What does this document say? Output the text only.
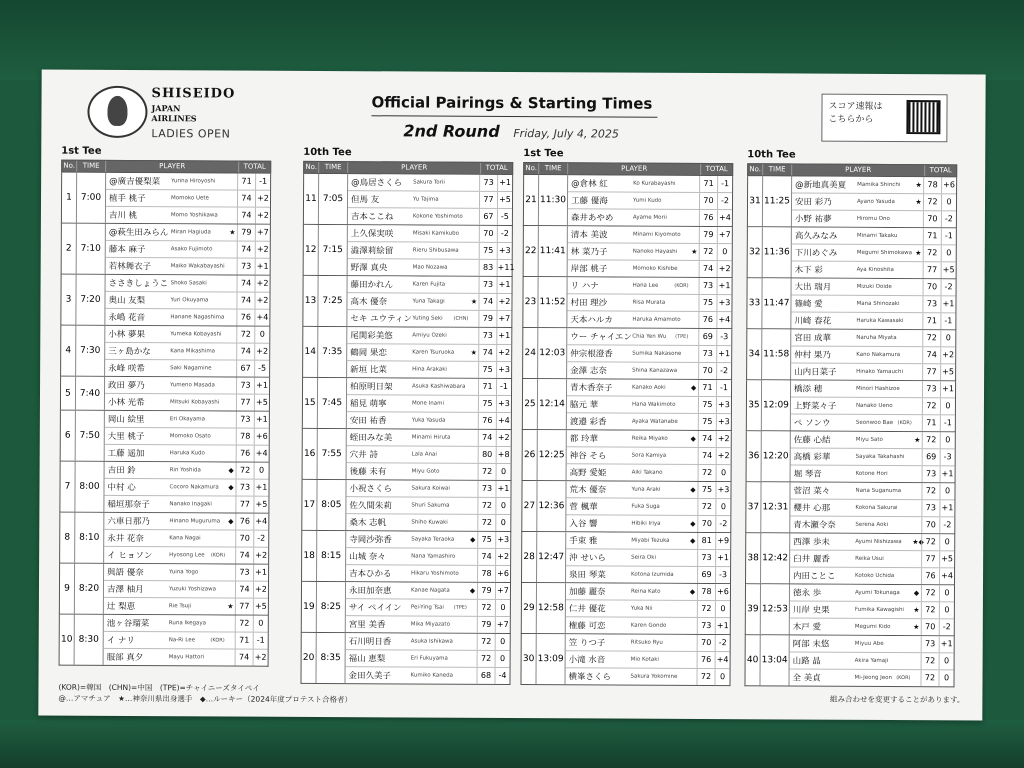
SHISEIDO
JAPAN
AIRLINES
LADIES OPEN
Official Pairings & Starting Times
2nd Round Friday, July 4, 2025
スコア速報は こちらから
1st Tee
No.	TIME	PLAYER	TOTAL
1 7:00
@廣吉優梨菜	Yurina Hiroyoshi	71 -1
植手 桃子	Momoko Uete	74 +2
吉川 桃	Momo Yoshikawa	74 +2
2 7:10
@萩生田みらん Miran Hagiuda	★ 79 +7
藤本 麻子	Asako Fujimoto	74 +2
若林舞衣子	Maiko Wakabayashi	73 +1
3 7:20
ささきしょうこ Shoko Sasaki	74 +2
奥山 友梨	Yuri Okuyama	74 +2
永嶋 花音	Hanane Nagashima	76 +4
4 7:30
小林 夢果	Yumeka Kobayashi	72	0
三ヶ島かな	Kana Mikashima	74 +2
永峰 咲希	Saki Nagamine	67 -5
5 7:40
政田 夢乃	Yumeno Masada	73 +1
小林 光希	Mitsuki Kobayashi	77 +5
6 7:50
岡山 絵里	Eri Okayama	73 +1
大里 桃子	Momoko Osato	78 +6
工藤 遥加	Haruka Kudo	76 +4
7 8:00
吉田 鈴	Rin Yoshida	◆ 72	0
中村 心	Cocoro Nakamura	◆ 73 +1
稲垣那奈子	Nanako Inagaki	77 +5
8 8:10
六車日那乃	Hinano Muguruma	◆ 76 +4
永井 花奈	Kana Nagai	70 -2
イ ヒョソン	Hyosong Lee	(KOR)	74 +2
9 8:20
與語 優奈	Yuina Yogo	73 +1
吉澤 柚月	Yuzuki Yoshizawa	74 +2
辻 梨恵	Rie Tsuji	★ 77 +5
10 8:30
池ヶ谷瑠菜	Runa Ikegaya	72	0
イ ナリ	Na-Ri Lee	(KOR)	71 -1
服部 真夕	Mayu Hattori	74 +2
10th Tee
No.	TIME	PLAYER	TOTAL
11 7:05
@鳥居さくら	Sakura Torii	73 +1
但馬 友	Yu Tajima	77 +5
吉本ここね	Kokone Yoshimoto	67 -5
12 7:15
上久保実咲	Misaki Kamikubo	70 -2
澁澤莉絵留	Rieru Shibusawa	75 +3
野澤 真央	Mao Nozawa	83 +11
13 7:25
藤田かれん	Karen Fujita	73 +1
高木 優奈	Yuna Takagi	★ 74 +2
セキ ユウティン Yuting Seki	(CHN)	79 +7
14 7:35
尾関彩美悠	Amiyu Ozeki	73 +1
鶴岡 果恋	Karen Tsuruoka	★ 74 +2
新垣 比菜	Hina Arakaki	75 +3
15 7:45
柏原明日架	Asuka Kashiwabara	71 -1
稲見 萌寧	Mone Inami	75 +3
安田 祐香	Yuka Yasuda	76 +4
16 7:55
蛭田みな美	Minami Hiruta	74 +2
穴井 詩	Lala Anai	80 +8
後藤 未有	Miyu Goto	72	0
17 8:05
小祝さくら	Sakura Koiwai	73 +1
佐久間朱莉	Shuri Sakuma	72	0
桑木 志帆	Shiho Kuwaki	72	0
18 8:15
寺岡沙弥香	Sayaka Teraoka	◆ 75 +3
山城 奈々	Nana Yamashiro	74 +2
吉本ひかる	Hikaru Yoshimoto	78 +6
19 8:25
永田加奈恵	Kanae Nagata	◆ 79 +7
サイ ペイイン	Pei-Ying Tsai	(TPE)	72	0
宮里 美香	Mika Miyazato	79 +7
20 8:35
石川明日香	Asuka Ishikawa	72	0
福山 恵梨	Eri Fukuyama	72	0
金田久美子	Kumiko Kaneda	68 -4
1st Tee
No.	TIME	PLAYER	TOTAL
21 11:30
@倉林 紅	Ko Kurabayashi	71 -1
工藤 優海	Yumi Kudo	70 -2
森井あやめ	Ayame Morii	76 +4
22 11:41
清本 美波	Minami Kiyomoto	79 +7
林 菜乃子	Nanoko Hayashi	★ 72	0
岸部 桃子	Momoko Kishibe	74 +2
23 11:52
リ ハナ	Hana Lee	(KOR)	73 +1
村田 理沙	Risa Murata	75 +3
天本ハルカ	Haruka Amamoto	76 +4
24 12:03
ウー チャイエン Chia Yen Wu	(TPE)	69 -3
仲宗根澄香	Sumika Nakasone	73 +1
金澤 志奈	Shina Kanazawa	70 -2
25 12:14
青木香奈子	Kanako Aoki	◆ 71 -1
脇元 華	Hana Wakimoto	75 +3
渡邉 彩香	Ayaka Watanabe	75 +3
26 12:25
都 玲華	Reika Miyako	◆ 74 +2
神谷 そら	Sora Kamiya	74 +2
高野 愛姫	Aiki Takano	72	0
27 12:36
荒木 優奈	Yuna Araki	◆ 75 +3
菅 楓華	Fuka Suga	72	0
入谷 響	Hibiki Iriya	◆ 70 -2
28 12:47
手束 雅	Miyabi Tezuka	◆ 81 +9
沖 せいら	Seira Oki	73 +1
泉田 琴菜	Kotona Izumida	69 -3
29 12:58
加藤 麗奈	Reina Kato	◆ 78 +6
仁井 優花	Yuka Nii	72	0
権藤 可恋	Karen Gondo	73 +1
30 13:09
笠 りつ子	Ritsuko Ryu	70 -2
小滝 水音	Mio Kotaki	76 +4
横峯さくら	Sakura Yokomine	72	0
10th Tee
No.	TIME	PLAYER	TOTAL
31 11:25
@新地真美夏	Mamika Shinchi	★ 78 +6
安田 彩乃	Ayano Yasuda	★ 72	0
小野 祐夢	Hiromu Ono	70 -2
32 11:36
高久みなみ	Minami Takaku	71 -1
下川めぐみ	Megumi Shimokawa ★ 72	0
木下 彩	Aya Kinoshita	77 +5
33 11:47
大出 瑞月	Mizuki Ooide	70 -2
篠崎 愛	Mana Shinozaki	73 +1
川崎 春花	Haruka Kawasaki	71 -1
34 11:58
宮田 成華	Naruha Miyata	72	0
仲村 果乃	Kano Nakamura	74 +2
山内日菜子	Hinako Yamauchi	77 +5
35 12:09
橋添 穂	Minori Hashizoe	73 +1
上野菜々子	Nanako Ueno	72	0
ペ ソンウ	Seonwoo Bae (KOR)	71 -1
36 12:20
佐藤 心結	Miyu Sato	★ 72	0
高橋 彩華	Sayaka Takahashi	69 -3
堀 琴音	Kotone Hori	73 +1
37 12:31
菅沼 菜々	Nana Suganuma	72	0
櫻井 心那	Kokona Sakurai	73 +1
青木瀬令奈	Serena Aoki	70 -2
38 12:42
西澤 歩未	Ayumi Nishizawa	★◆ 72	0
臼井 麗香	Reika Usui	77 +5
内田ことこ	Kotoko Uchida	76 +4
39 12:53
徳永 歩	Ayumi Tokunaga	◆ 72	0
川岸 史果	Fumika Kawagishi	★ 72	0
木戸 愛	Megumi Kido	★ 70 -2
40 13:04
阿部 未悠	Miyuu Abe	73 +1
山路 晶	Akira Yamaji	72	0
全 美貞	Mi-Jeong Jeon (KOR)	72	0
(KOR)=韓国　(CHN)=中国　(TPE)=チャイニーズタイペイ
@…アマチュア　★…神奈川県出身選手　◆…ルーキー（2024年度プロテスト合格者）	組み合わせを変更することがあります。
